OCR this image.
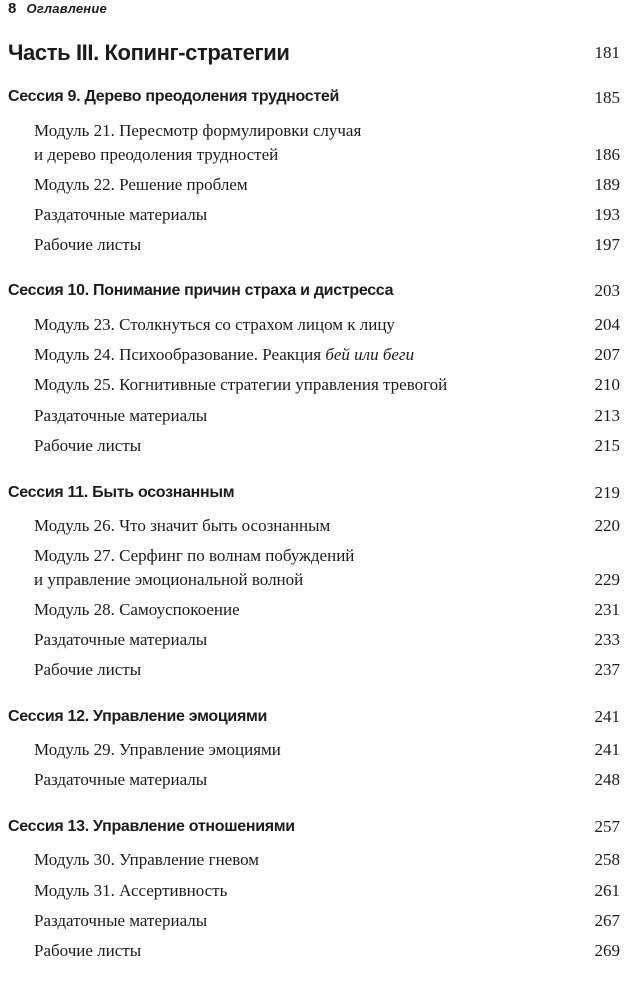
8 Оглавление
Часть III. Копинг-стратегии	181
Сессия 9. Дерево преодоления трудностей	185
Модуль 21. Пересмотр формулировки случая
и дерево преодоления трудностей	186
Модуль 22. Решение проблем	189
Раздаточные материалы	193
Рабочие листы	197
Сессия 10. Понимание причин страха и дистресса	203
Модуль 23. Столкнуться со страхом лицом к лицу	204
Модуль 24. Психообразование. Реакция бей или беги	207
Модуль 25. Когнитивные стратегии управления тревогой	210
Раздаточные материалы	213
Рабочие листы	215
Сессия 11. Быть осознанным	219
Модуль 26. Что значит быть осознанным	220
Модуль 27. Серфинг по волнам побуждений
и управление эмоциональной волной	229
Модуль 28. Самоуспокоение	231
Раздаточные материалы	233
Рабочие листы	237
Сессия 12. Управление эмоциями	241
Модуль 29. Управление эмоциями	241
Раздаточные материалы	248
Сессия 13. Управление отношениями	257
Модуль 30. Управление гневом	258
Модуль 31. Ассертивность	261
Раздаточные материалы	267
Рабочие листы	269
